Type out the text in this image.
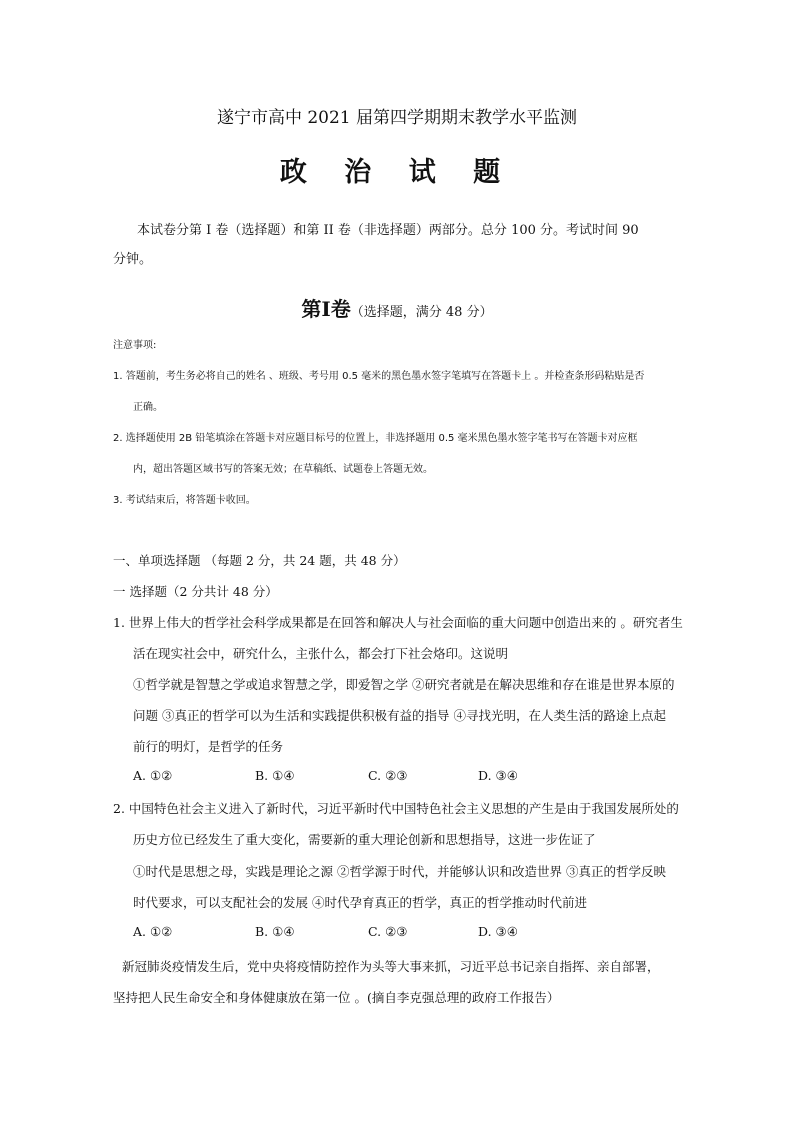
遂宁市高中 2021 届第四学期期末教学水平监测
政 治 试 题
本试卷分第 I 卷（选择题）和第 II 卷（非选择题）两部分。总分 100 分。考试时间 90
分钟。
第Ⅰ卷（选择题，满分 48 分）
注意事项:
1. 答题前，考生务必将自己的姓名 、班级、考号用 0.5 毫米的黑色墨水签字笔填写在答题卡上 。并检查条形码粘贴是否
正确。
2. 选择题使用 2B 铅笔填涂在答题卡对应题目标号的位置上，非选择题用 0.5 毫米黑色墨水签字笔书写在答题卡对应框
内，超出答题区域书写的答案无效；在草稿纸、试题卷上答题无效。
3. 考试结束后，将答题卡收回。
一、单项选择题 （每题 2 分，共 24 题，共 48 分）
一 选择题（2 分共计 48 分）
1. 世界上伟大的哲学社会科学成果都是在回答和解决人与社会面临的重大问题中创造出来的 。研究者生
活在现实社会中，研究什么，主张什么，都会打下社会烙印。这说明
①哲学就是智慧之学或追求智慧之学，即爱智之学 ②研究者就是在解决思维和存在谁是世界本原的
问题 ③真正的哲学可以为生活和实践提供积极有益的指导 ④寻找光明，在人类生活的路途上点起
前行的明灯，是哲学的任务
A. ①②	B. ①④	C. ②③	D. ③④
2. 中国特色社会主义进入了新时代，习近平新时代中国特色社会主义思想的产生是由于我国发展所处的
历史方位已经发生了重大变化，需要新的重大理论创新和思想指导，这进一步佐证了
①时代是思想之母，实践是理论之源 ②哲学源于时代，并能够认识和改造世界 ③真正的哲学反映
时代要求，可以支配社会的发展 ④时代孕育真正的哲学，真正的哲学推动时代前进
A. ①②	B. ①④	C. ②③	D. ③④
新冠肺炎疫情发生后，党中央将疫情防控作为头等大事来抓，习近平总书记亲自指挥、亲自部署，
坚持把人民生命安全和身体健康放在第一位 。(摘自李克强总理的政府工作报告）
